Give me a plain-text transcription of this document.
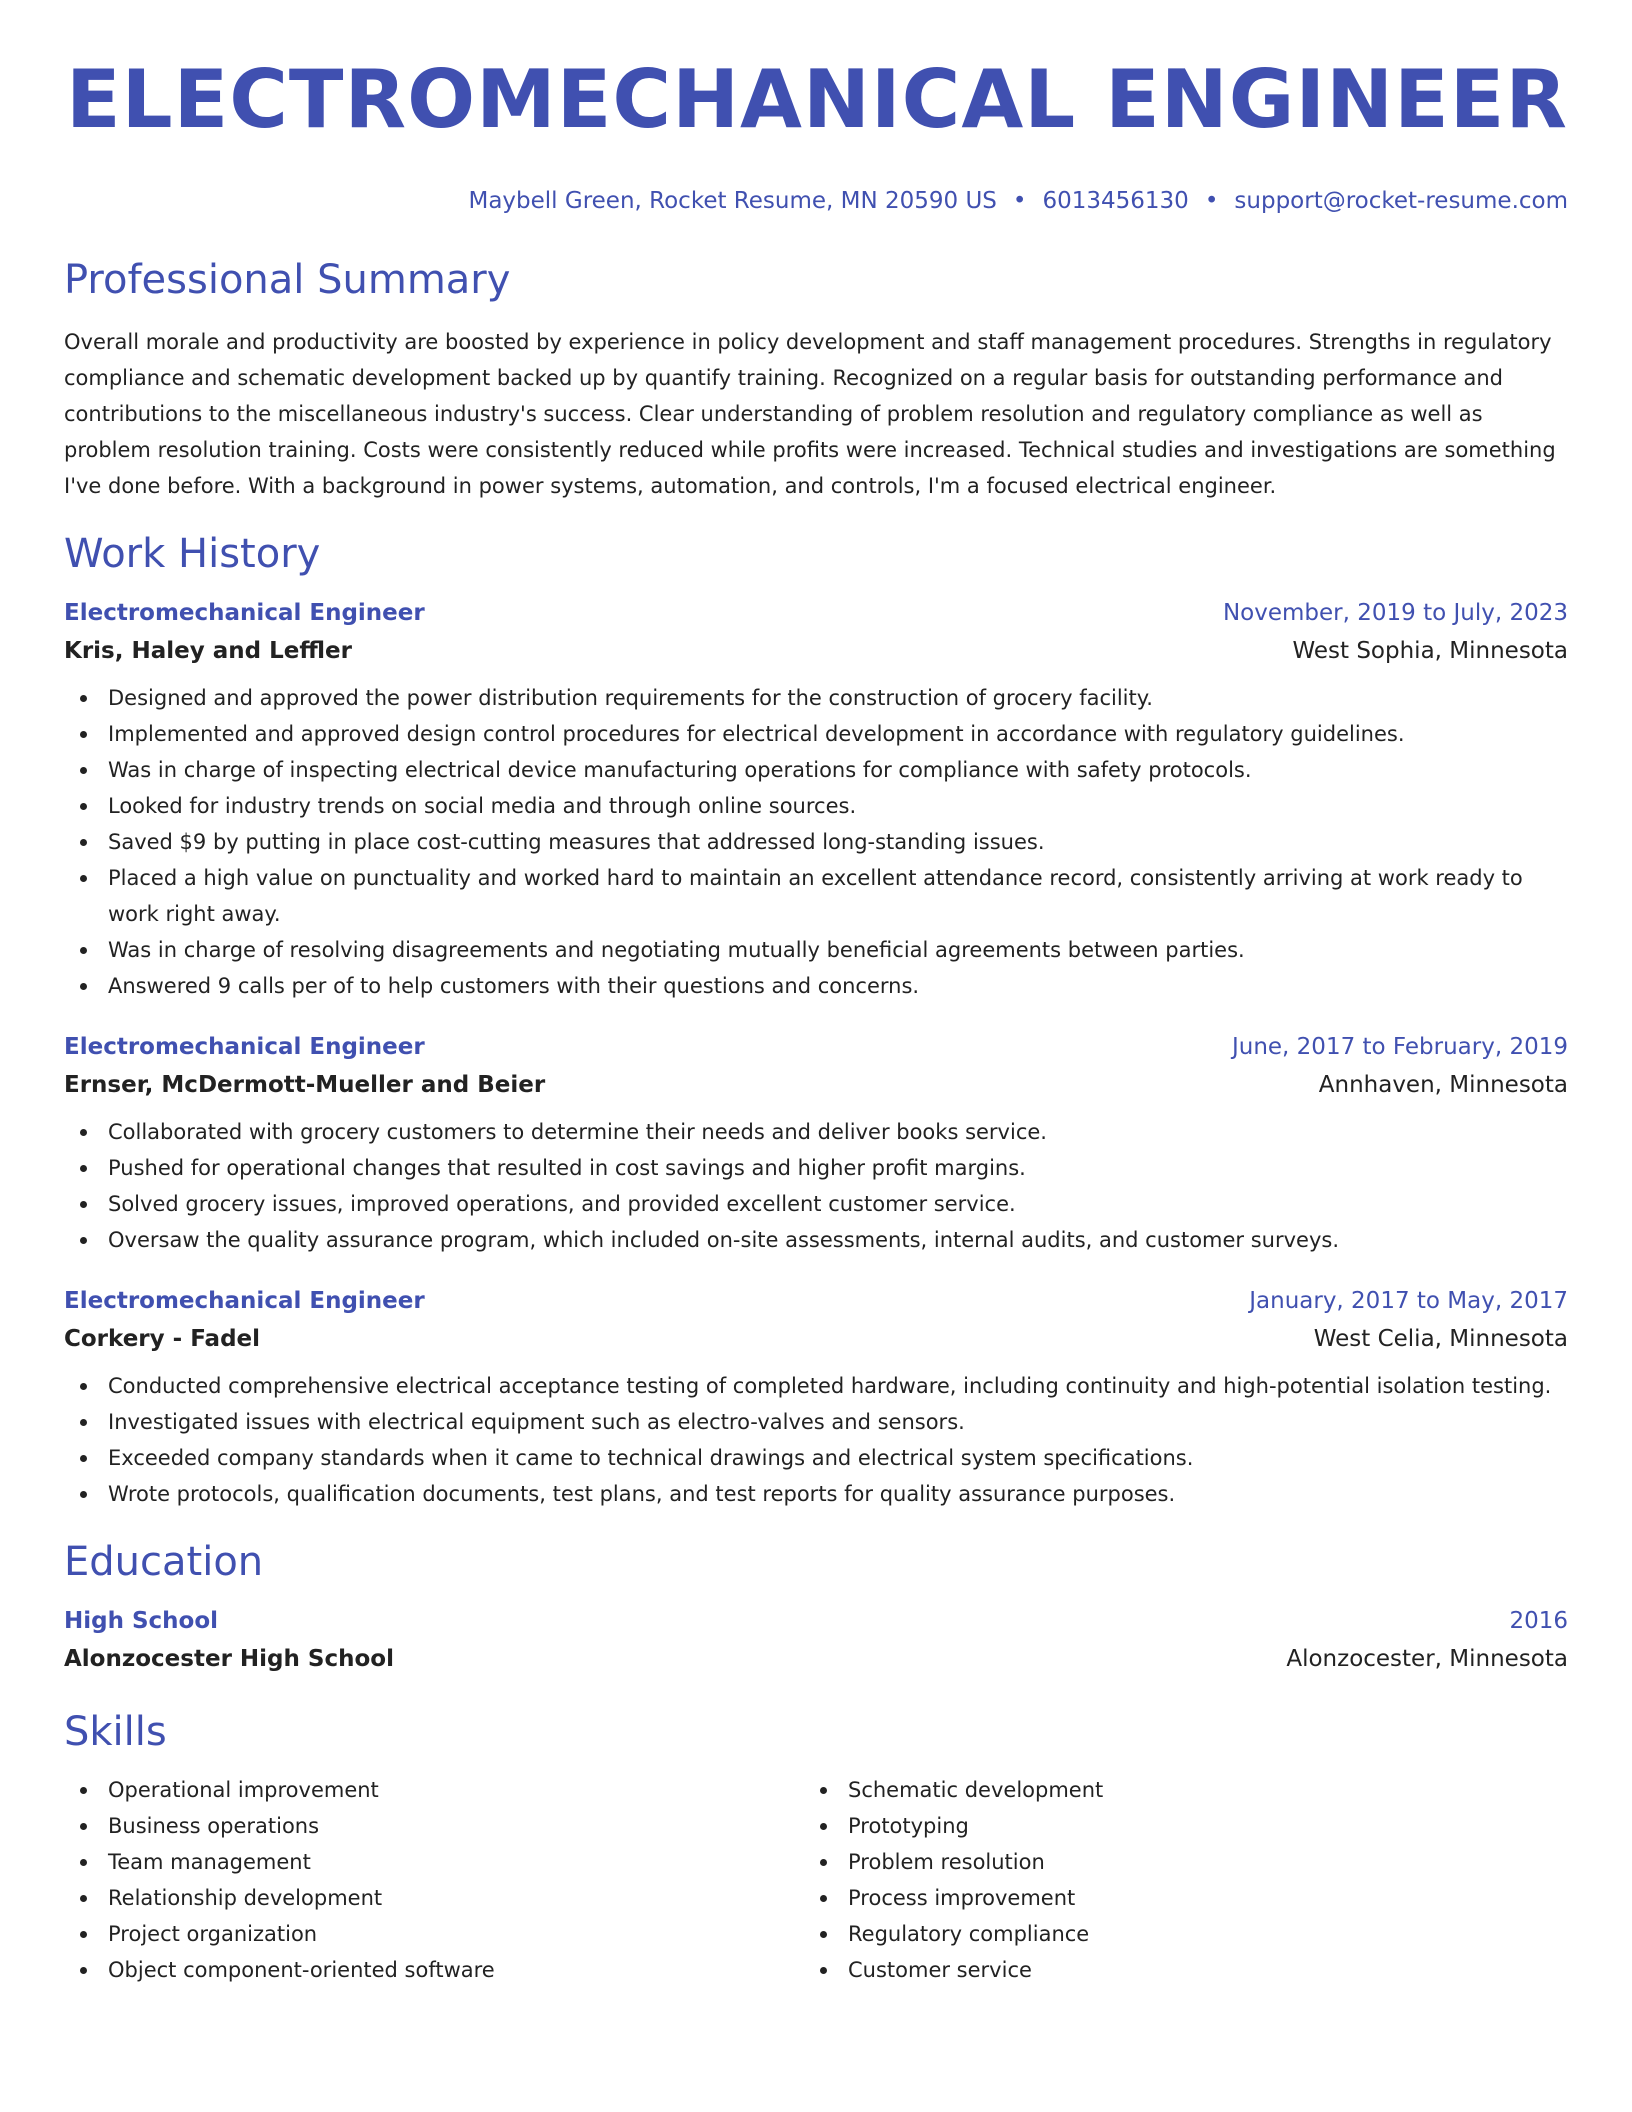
ELECTROMECHANICAL ENGINEER
Maybell Green, Rocket Resume, MN 20590 US • 6013456130 • support@rocket-resume.com
Professional Summary

Overall morale and productivity are boosted by experience in policy development and staff management procedures. Strengths in regulatory compliance and schematic development backed up by quantify training. Recognized on a regular basis for outstanding performance and contributions to the miscellaneous industry's success. Clear understanding of problem resolution and regulatory compliance as well as problem resolution training. Costs were consistently reduced while profits were increased. Technical studies and investigations are something I've done before. With a background in power systems, automation, and controls, I'm a focused electrical engineer.

Work History
Electromechanical Engineer	November, 2019 to July, 2023
Kris, Haley and Leffler	West Sophia, Minnesota
Designed and approved the power distribution requirements for the construction of grocery facility.
Implemented and approved design control procedures for electrical development in accordance with regulatory guidelines.
Was in charge of inspecting electrical device manufacturing operations for compliance with safety protocols.
Looked for industry trends on social media and through online sources.
Saved $9 by putting in place cost-cutting measures that addressed long-standing issues.
Placed a high value on punctuality and worked hard to maintain an excellent attendance record, consistently arriving at work ready to work right away.
Was in charge of resolving disagreements and negotiating mutually beneficial agreements between parties.
Answered 9 calls per of to help customers with their questions and concerns.
Electromechanical Engineer	June, 2017 to February, 2019
Ernser, McDermott-Mueller and Beier	Annhaven, Minnesota
Collaborated with grocery customers to determine their needs and deliver books service.
Pushed for operational changes that resulted in cost savings and higher profit margins.
Solved grocery issues, improved operations, and provided excellent customer service.
Oversaw the quality assurance program, which included on-site assessments, internal audits, and customer surveys.
Electromechanical Engineer	January, 2017 to May, 2017
Corkery - Fadel	West Celia, Minnesota
Conducted comprehensive electrical acceptance testing of completed hardware, including continuity and high-potential isolation testing.
Investigated issues with electrical equipment such as electro-valves and sensors.
Exceeded company standards when it came to technical drawings and electrical system specifications.
Wrote protocols, qualification documents, test plans, and test reports for quality assurance purposes.
Education
High School	2016
Alonzocester High School	Alonzocester, Minnesota
Skills
Operational improvement
Business operations
Team management
Relationship development
Project organization
Object component-oriented software
Schematic development
Prototyping
Problem resolution
Process improvement
Regulatory compliance
Customer service
